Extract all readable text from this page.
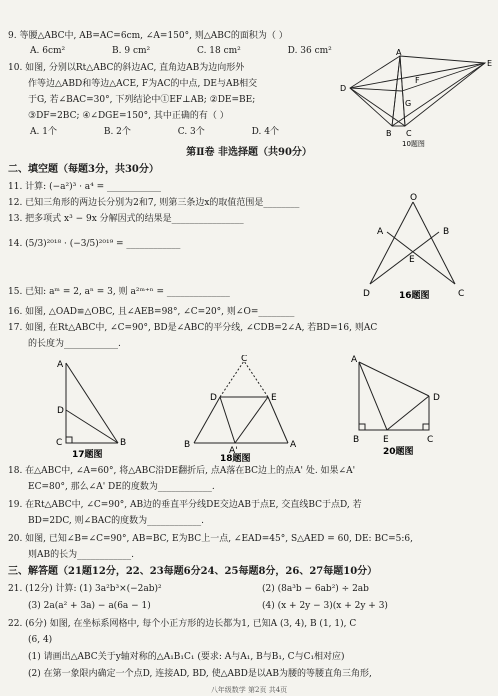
9. 等腰△ABC中, AB=AC=6cm, ∠A=150°, 则△ABC的面积为（ ）
A. 6cm²	B. 9 cm²	C. 18 cm²	D. 36 cm²
10. 如图, 分别以Rt△ABC的斜边AC, 直角边AB为边向形外
作等边△ABD和等边△ACE, F为AC的中点, DE与AB相交
于G, 若∠BAC=30°, 下列结论中①EF⊥AB; ②DE=BE;
③DF=2BC; ④∠DGE=150°, 其中正确的有（ ）
A. 1个	B. 2个	C. 3个	D. 4个
A
D
E
F
G
B C
10题图
第Ⅱ卷 非选择题（共90分）
二、填空题（每题3分，共30分）
11. 计算: (−a²)³ · a⁴ = ____________
12. 已知三角形的两边长分别为2和7, 则第三条边x的取值范围是________
13. 把多项式 x³ − 9x 分解因式的结果是________________
14. (5/3)²⁰¹⁸ · (−3/5)²⁰¹⁹ = ____________
15. 已知: aᵐ = 2, aⁿ = 3, 则 a²ᵐ⁺ⁿ = ______________
16. 如图, △OAD≌△OBC, 且∠AEB=98°, ∠C=20°, 则∠O=________
O
A	B
E
D	C
16题图
17. 如图, 在Rt△ABC中, ∠C=90°, BD是∠ABC的平分线, ∠CDB=2∠A, 若BD=16, 则AC
的长度为____________.
A
D
C	B
17题图
C
D	E
B	A
A'
18题图
A
D
B	E	C
20题图
18. 在△ABC中, ∠A=60°, 将△ABC沿DE翻折后, 点A落在BC边上的点A' 处. 如果∠A'
EC=80°, 那么∠A' DE的度数为____________.
19. 在Rt△ABC中, ∠C=90°, AB边的垂直平分线DE交边AB于点E, 交直线BC于点D, 若
BD=2DC, 则∠BAC的度数为____________.
20. 如图, 已知∠B=∠C=90°, AB=BC, E为BC上一点, ∠EAD=45°, S△AED = 60, DE: BC=5:6,
则AB的长为____________.
三、解答题（21题12分，22、23每题6分24、25每题8分，26、27每题10分）
21. (12分) 计算: (1) 3a²b³×(−2ab)²	(2) (8a³b − 6ab²) ÷ 2ab
(3) 2a(a² + 3a) − a(6a − 1)	(4) (x + 2y − 3)(x + 2y + 3)
22. (6分) 如图, 在坐标系网格中, 每个小正方形的边长都为1, 已知A (3, 4), B (1, 1), C
(6, 4)
(1) 请画出△ABC关于y轴对称的△A₁B₁C₁ (要求: A与A₁, B与B₁, C与C₁相对应)
(2) 在第一象限内确定一个点D, 连接AD, BD, 使△ABD是以AB为腰的等腰直角三角形,
八年级数学 第2页 共4页
